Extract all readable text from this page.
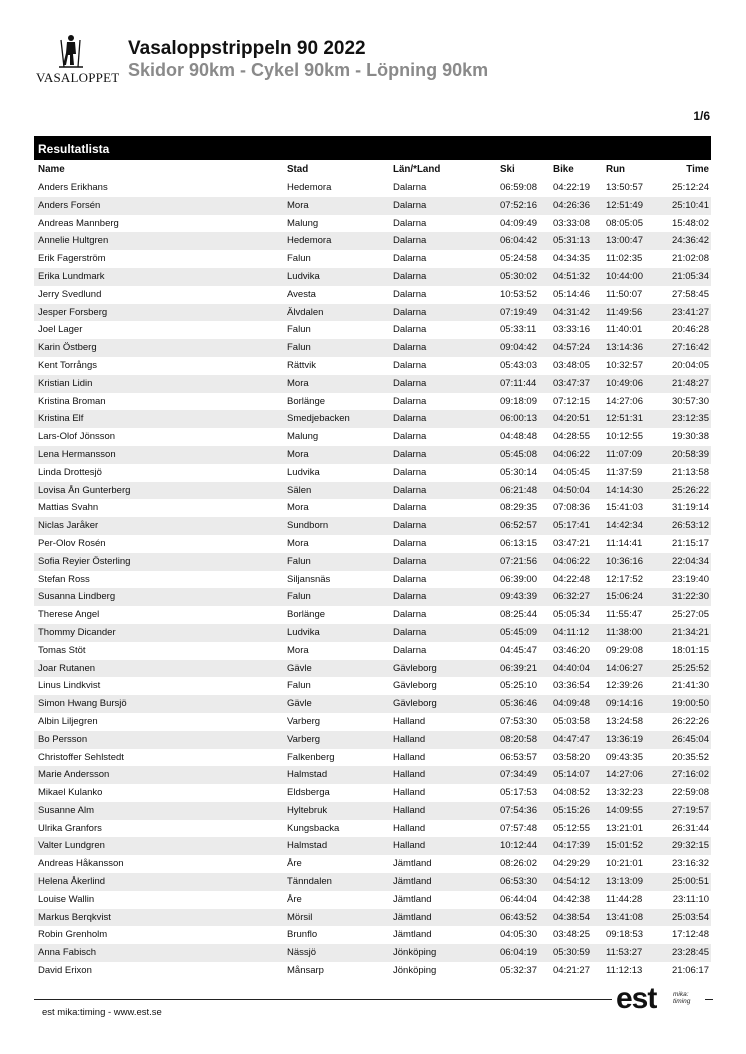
VASALOPPET
Vasaloppstrippeln 90 2022
Skidor 90km - Cykel 90km - Löpning 90km
1/6
Resultatlista
Name	Stad	Län/*Land	Ski	Bike	Run	Time
Anders Erikhans	Hedemora	Dalarna	06:59:08 04:22:19 13:50:57	25:12:24
Anders Forsén	Mora	Dalarna	07:52:16 04:26:36 12:51:49	25:10:41
Andreas Mannberg	Malung	Dalarna	04:09:49 03:33:08 08:05:05	15:48:02
Annelie Hultgren	Hedemora	Dalarna	06:04:42 05:31:13 13:00:47	24:36:42
Erik Fagerström	Falun	Dalarna	05:24:58 04:34:35 11:02:35	21:02:08
Erika Lundmark	Ludvika	Dalarna	05:30:02 04:51:32 10:44:00	21:05:34
Jerry Svedlund	Avesta	Dalarna	10:53:52 05:14:46 11:50:07	27:58:45
Jesper Forsberg	Älvdalen	Dalarna	07:19:49 04:31:42 11:49:56	23:41:27
Joel Lager	Falun	Dalarna	05:33:11 03:33:16 11:40:01	20:46:28
Karin Östberg	Falun	Dalarna	09:04:42 04:57:24 13:14:36	27:16:42
Kent Torrångs	Rättvik	Dalarna	05:43:03 03:48:05 10:32:57	20:04:05
Kristian Lidin	Mora	Dalarna	07:11:44 03:47:37 10:49:06	21:48:27
Kristina Broman	Borlänge	Dalarna	09:18:09 07:12:15 14:27:06	30:57:30
Kristina Elf	Smedjebacken	Dalarna	06:00:13 04:20:51 12:51:31	23:12:35
Lars-Olof Jönsson	Malung	Dalarna	04:48:48 04:28:55 10:12:55	19:30:38
Lena Hermansson	Mora	Dalarna	05:45:08 04:06:22 11:07:09	20:58:39
Linda Drottesjö	Ludvika	Dalarna	05:30:14 04:05:45 11:37:59	21:13:58
Lovisa Ån Gunterberg	Sälen	Dalarna	06:21:48 04:50:04 14:14:30	25:26:22
Mattias Svahn	Mora	Dalarna	08:29:35 07:08:36 15:41:03	31:19:14
Niclas Jaråker	Sundborn	Dalarna	06:52:57 05:17:41 14:42:34	26:53:12
Per-Olov Rosén	Mora	Dalarna	06:13:15 03:47:21 11:14:41	21:15:17
Sofia Reyier Österling	Falun	Dalarna	07:21:56 04:06:22 10:36:16	22:04:34
Stefan Ross	Siljansnäs	Dalarna	06:39:00 04:22:48 12:17:52	23:19:40
Susanna Lindberg	Falun	Dalarna	09:43:39 06:32:27 15:06:24	31:22:30
Therese Angel	Borlänge	Dalarna	08:25:44 05:05:34 11:55:47	25:27:05
Thommy Dicander	Ludvika	Dalarna	05:45:09 04:11:12 11:38:00	21:34:21
Tomas Stöt	Mora	Dalarna	04:45:47 03:46:20 09:29:08	18:01:15
Joar Rutanen	Gävle	Gävleborg	06:39:21 04:40:04 14:06:27	25:25:52
Linus Lindkvist	Falun	Gävleborg	05:25:10 03:36:54 12:39:26	21:41:30
Simon Hwang Bursjö	Gävle	Gävleborg	05:36:46 04:09:48 09:14:16	19:00:50
Albin Liljegren	Varberg	Halland	07:53:30 05:03:58 13:24:58	26:22:26
Bo Persson	Varberg	Halland	08:20:58 04:47:47 13:36:19	26:45:04
Christoffer Sehlstedt	Falkenberg	Halland	06:53:57 03:58:20 09:43:35	20:35:52
Marie Andersson	Halmstad	Halland	07:34:49 05:14:07 14:27:06	27:16:02
Mikael Kulanko	Eldsberga	Halland	05:17:53 04:08:52 13:32:23	22:59:08
Susanne Alm	Hyltebruk	Halland	07:54:36 05:15:26 14:09:55	27:19:57
Ulrika Granfors	Kungsbacka	Halland	07:57:48 05:12:55 13:21:01	26:31:44
Valter Lundgren	Halmstad	Halland	10:12:44 04:17:39 15:01:52	29:32:15
Andreas Håkansson	Åre	Jämtland	08:26:02 04:29:29 10:21:01	23:16:32
Helena Åkerlind	Tänndalen	Jämtland	06:53:30 04:54:12 13:13:09	25:00:51
Louise Wallin	Åre	Jämtland	06:44:04 04:42:38 11:44:28	23:11:10
Markus Berqkvist	Mörsil	Jämtland	06:43:52 04:38:54 13:41:08	25:03:54
Robin Grenholm	Brunflo	Jämtland	04:05:30 03:48:25 09:18:53	17:12:48
Anna Fabisch	Nässjö	Jönköping	06:04:19 05:30:59 11:53:27	23:28:45
David Erixon	Månsarp	Jönköping	05:32:37 04:21:27 11:12:13	21:06:17
est mika:timing - www.est.se	est	mika:
timing
